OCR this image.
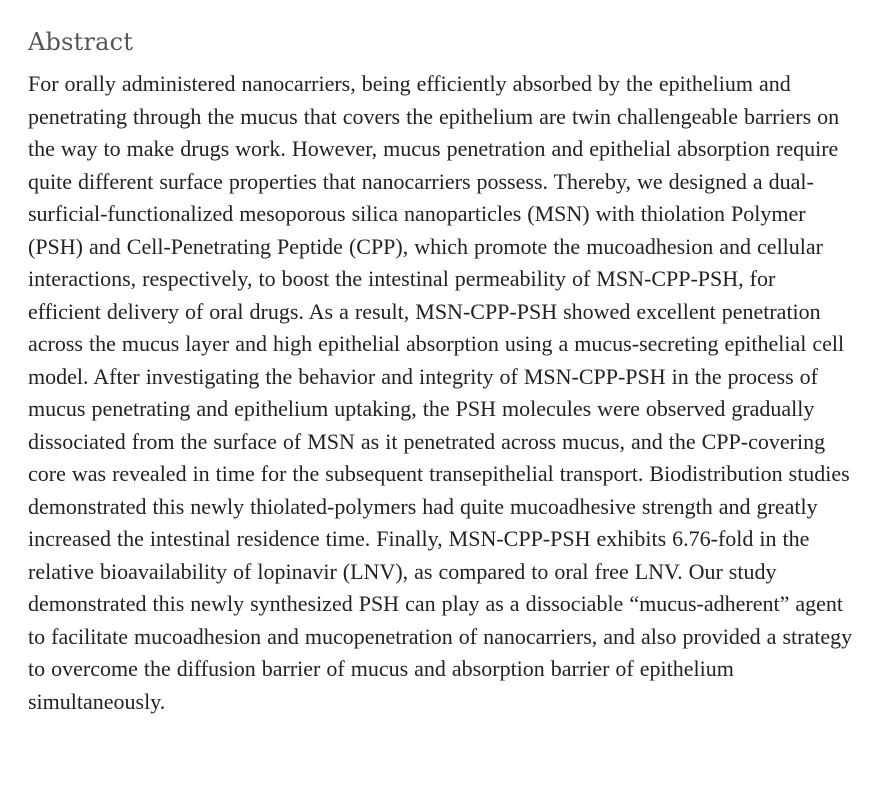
Abstract

For orally administered nanocarriers, being efficiently absorbed by the epithelium and penetrating through the mucus that covers the epithelium are twin challengeable barriers on the way to make drugs work. However, mucus penetration and epithelial absorption require quite different surface properties that nanocarriers possess. Thereby, we designed a dual-surficial-functionalized mesoporous silica nanoparticles (MSN) with thiolation Polymer (PSH) and Cell-Penetrating Peptide (CPP), which promote the mucoadhesion and cellular interactions, respectively, to boost the intestinal permeability of MSN-CPP-PSH, for efficient delivery of oral drugs. As a result, MSN-CPP-PSH showed excellent penetration across the mucus layer and high epithelial absorption using a mucus-secreting epithelial cell model. After investigating the behavior and integrity of MSN-CPP-PSH in the process of mucus penetrating and epithelium uptaking, the PSH molecules were observed gradually dissociated from the surface of MSN as it penetrated across mucus, and the CPP-covering core was revealed in time for the subsequent transepithelial transport. Biodistribution studies demonstrated this newly thiolated-polymers had quite mucoadhesive strength and greatly increased the intestinal residence time. Finally, MSN-CPP-PSH exhibits 6.76-fold in the relative bioavailability of lopinavir (LNV), as compared to oral free LNV. Our study demonstrated this newly synthesized PSH can play as a dissociable “mucus-adherent” agent to facilitate mucoadhesion and mucopenetration of nanocarriers, and also provided a strategy to overcome the diffusion barrier of mucus and absorption barrier of epithelium simultaneously.
